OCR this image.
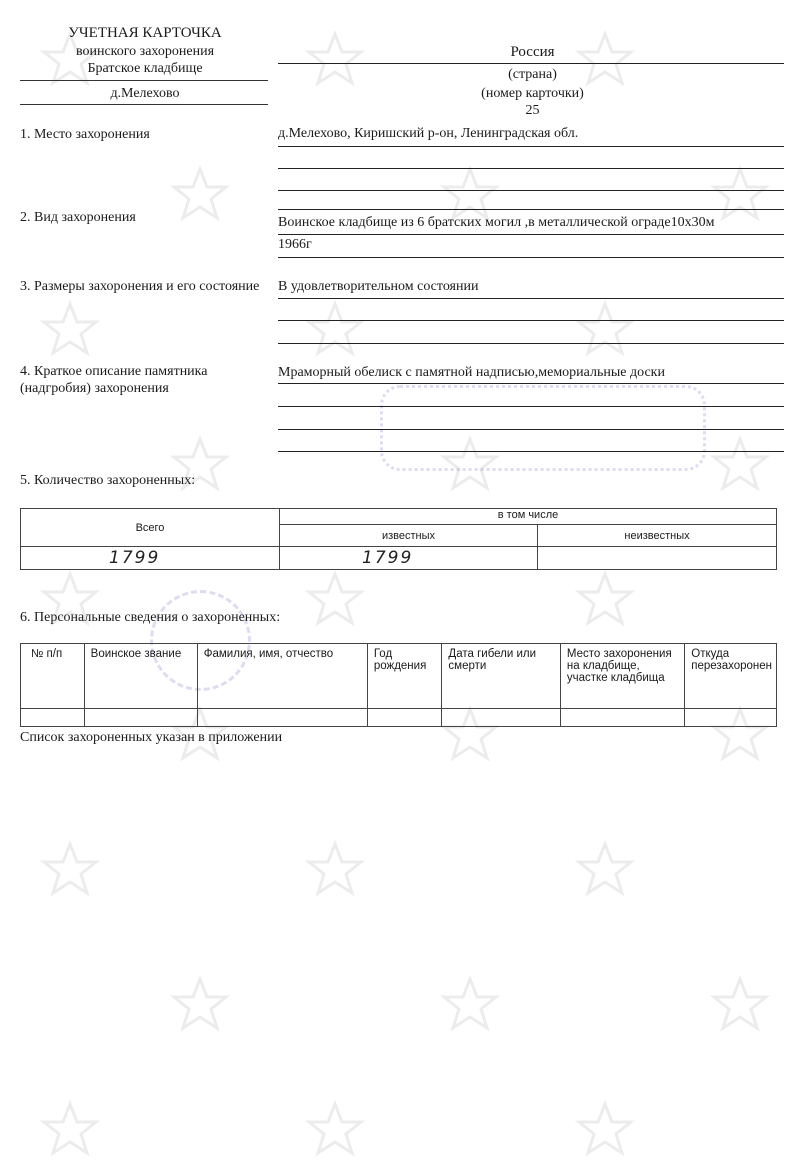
УЧЕТНАЯ КАРТОЧКА
воинского захоронения
Братское кладбище
д.Мелехово
Россия
(страна)
(номер карточки)
25
1. Место захоронения	д.Мелехово, Киришский р-он, Ленинградская обл.
2. Вид захоронения	Воинское кладбище из 6 братских могил ,в металлической ограде10х30м
1966г
3. Размеры захоронения и его состояние В удовлетворительном состоянии
4. Краткое описание памятника (надгробия) захоронения
Мраморный обелиск с памятной надписью,мемориальные доски
5. Количество захороненных:
Всего	в том числе	
	известных	неизвестных
1799	1799	
6. Персональные сведения о захороненных:
№ п/п	Воинское звание	Фамилия, имя, отчество	Год рождения	Дата гибели или смерти	Место захоронения на кладбище, участке кладбища	Откуда перезахоронен

Список захороненных указан в приложении
